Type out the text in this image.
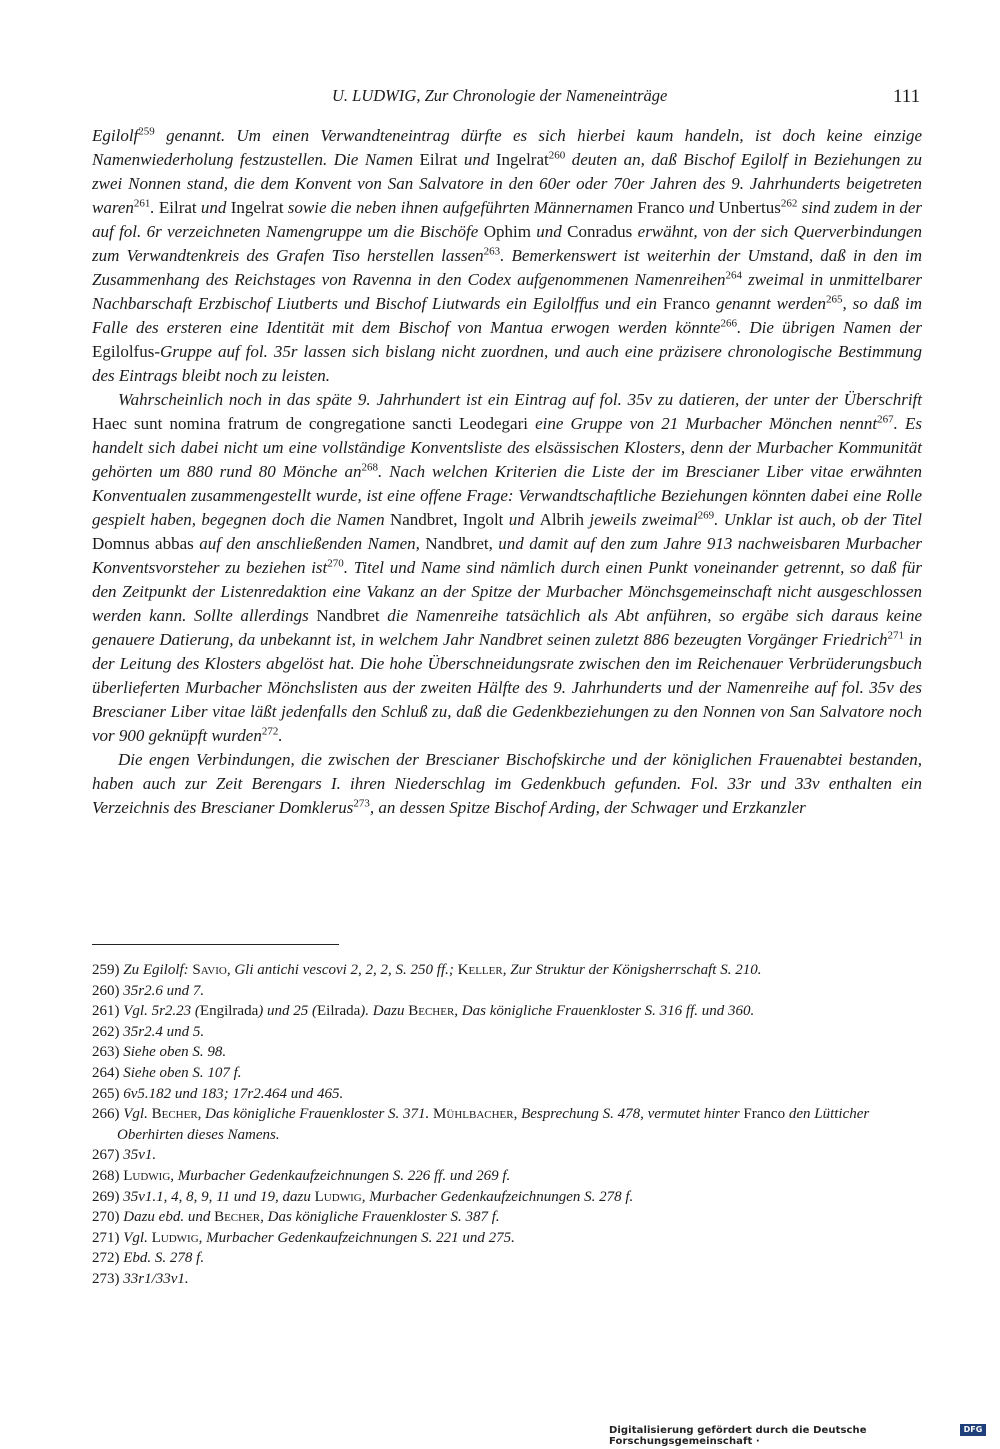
U. LUDWIG, Zur Chronologie der Nameneinträge	111

Egilolf$^{259}$ genannt. Um einen Verwandteneintrag dürfte es sich hierbei kaum handeln, ist doch keine einzige Namenwiederholung festzustellen. Die Namen Eilrat und Ingelrat$^{260}$ deuten an, daß Bischof Egilolf in Beziehungen zu zwei Nonnen stand, die dem Konvent von San Salvatore in den 60er oder 70er Jahren des 9. Jahrhunderts beigetreten waren$^{261}$. Eilrat und Ingelrat sowie die neben ihnen aufgeführten Männernamen Franco und Unbertus$^{262}$ sind zudem in der auf fol. 6r verzeichneten Namengruppe um die Bischöfe Ophim und Conradus erwähnt, von der sich Querverbindungen zum Verwandtenkreis des Grafen Tiso herstellen lassen$^{263}$. Bemerkenswert ist weiterhin der Umstand, daß in den im Zusammenhang des Reichstages von Ravenna in den Codex aufgenommenen Namenreihen$^{264}$ zweimal in unmittelbarer Nachbarschaft Erzbischof Liutberts und Bischof Liutwards ein Egilolffus und ein Franco genannt werden$^{265}$, so daß im Falle des ersteren eine Identität mit dem Bischof von Mantua erwogen werden könnte$^{266}$. Die übrigen Namen der Egilolfus-Gruppe auf fol. 35r lassen sich bislang nicht zuordnen, und auch eine präzisere chronologische Bestimmung des Eintrags bleibt noch zu leisten.

Wahrscheinlich noch in das späte 9. Jahrhundert ist ein Eintrag auf fol. 35v zu datieren, der unter der Überschrift Haec sunt nomina fratrum de congregatione sancti Leodegari eine Gruppe von 21 Murbacher Mönchen nennt$^{267}$. Es handelt sich dabei nicht um eine vollständige Konventsliste des elsässischen Klosters, denn der Murbacher Kommunität gehörten um 880 rund 80 Mönche $an^{268}$. Nach welchen Kriterien die Liste der im Brescianer Liber vitae erwähnten Konventualen zusammengestellt wurde, ist eine offene Frage: Verwandtschaftliche Beziehungen könnten dabei eine Rolle gespielt haben, begegnen doch die Namen Nandbret, Ingolt und Albrih jeweils zweimal$^{269}$. Unklar ist auch, ob der Titel Domnus abbas auf den anschließenden Namen, Nandbret, und damit auf den zum Jahre 913 nachweisbaren Murbacher Konventsvorsteher zu beziehen ist$^{270}$. Titel und Name sind nämlich durch einen Punkt voneinander getrennt, so daß für den Zeitpunkt der Listenredaktion eine Vakanz an der Spitze der Murbacher Mönchsgemeinschaft nicht ausgeschlossen werden kann. Sollte allerdings Nandbret die Namenreihe tatsächlich als Abt anführen, so ergäbe sich daraus keine genauere Datierung, da unbekannt ist, in welchem Jahr Nandbret seinen zuletzt 886 bezeugten Vorgänger Friedrich$^{271}$ in der Leitung des Klosters abgelöst hat. Die hohe Überschneidungsrate zwischen den im Reichenauer Verbrüderungsbuch überlieferten Murbacher Mönchslisten aus der zweiten Hälfte des 9. Jahrhunderts und der Namenreihe auf fol. 35v des Brescianer Liber vitae läßt jedenfalls den Schluß zu, daß die Gedenkbeziehungen zu den Nonnen von San Salvatore noch vor 900 geknüpft wurden$^{272}$.

Die engen Verbindungen, die zwischen der Brescianer Bischofskirche und der königlichen Frauenabtei bestanden, haben auch zur Zeit Berengars I. ihren Niederschlag im Gedenkbuch gefunden. Fol. 33r und 33v enthalten ein Verzeichnis des Brescianer Domklerus$^{273}$, an dessen Spitze Bischof Arding, der Schwager und Erzkanzler

259) Zu Egilolf: Savio, Gli antichi vescovi 2, 2, 2, S. 250 ff.; Keller, Zur Struktur der Königsherrschaft S. 210.
260) 35r2.6 und 7.
261) Vgl. 5r2.23 (Engilrada) und 25 (Eilrada). Dazu Becher, Das königliche Frauenkloster S. 316 ff. und 360.
262) 35r2.4 und 5.
263) Siehe oben S. 98.
264) Siehe oben S. 107 f.
265) 6v5.182 und 183; 17r2.464 und 465.
266) Vgl. Becher, Das königliche Frauenkloster S. 371. Mühlbacher, Besprechung S. 478, vermutet hinter Franco den Lütticher Oberhirten dieses Namens.
267) 35v1.
268) Ludwig, Murbacher Gedenkaufzeichnungen S. 226 ff. und 269 f.
269) 35v1.1, 4, 8, 9, 11 und 19, dazu Ludwig, Murbacher Gedenkaufzeichnungen S. 278 f.
270) Dazu ebd. und Becher, Das königliche Frauenkloster S. 387 f.
271) Vgl. Ludwig, Murbacher Gedenkaufzeichnungen S. 221 und 275.
272) Ebd. S. 278 f.
273) 33r1/33v1.
Digitalisierung gefördert durch die Deutsche Forschungsgemeinschaft ·
DFG
